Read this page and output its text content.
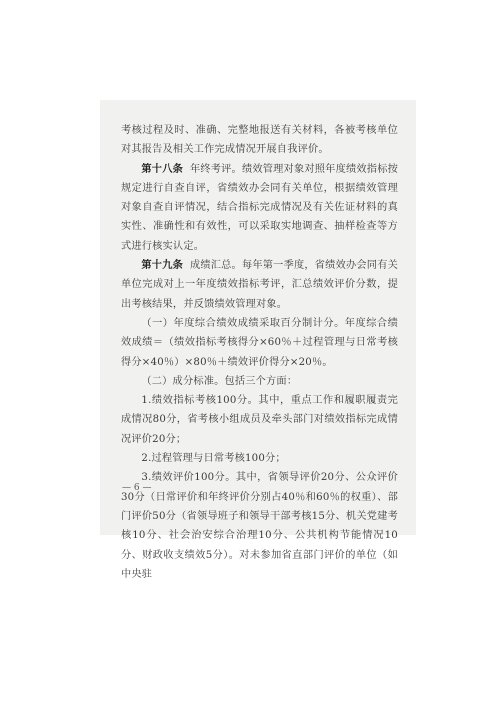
考核过程及时、准确、完整地报送有关材料，各被考核单位对其报告及相关工作完成情况开展自我评价。

第十八条 年终考评。绩效管理对象对照年度绩效指标按规定进行自查自评，省绩效办会同有关单位，根据绩效管理对象自查自评情况，结合指标完成情况及有关佐证材料的真实性、准确性和有效性，可以采取实地调查、抽样检查等方式进行核实认定。

第十九条 成绩汇总。每年第一季度，省绩效办会同有关单位完成对上一年度绩效指标考评，汇总绩效评价分数，提出考核结果，并反馈绩效管理对象。

（一）年度综合绩效成绩采取百分制计分。年度综合绩效成绩＝（绩效指标考核得分×60％＋过程管理与日常考核得分×40％）×80％＋绩效评价得分×20％。

（二）成分标准。包括三个方面：

1.绩效指标考核100分。其中，重点工作和履职履责完成情况80分，省考核小组成员及牵头部门对绩效指标完成情况评价20分；

2.过程管理与日常考核100分；

3.绩效评价100分。其中，省领导评价20分、公众评价30分（日常评价和年终评价分别占40％和60％的权重）、部门评价50分（省领导班子和领导干部考核15分、机关党建考核10分、社会治安综合治理10分、公共机构节能情况10分、财政收支绩效5分）。对未参加省直部门评价的单位（如中央驻

— 6 —
